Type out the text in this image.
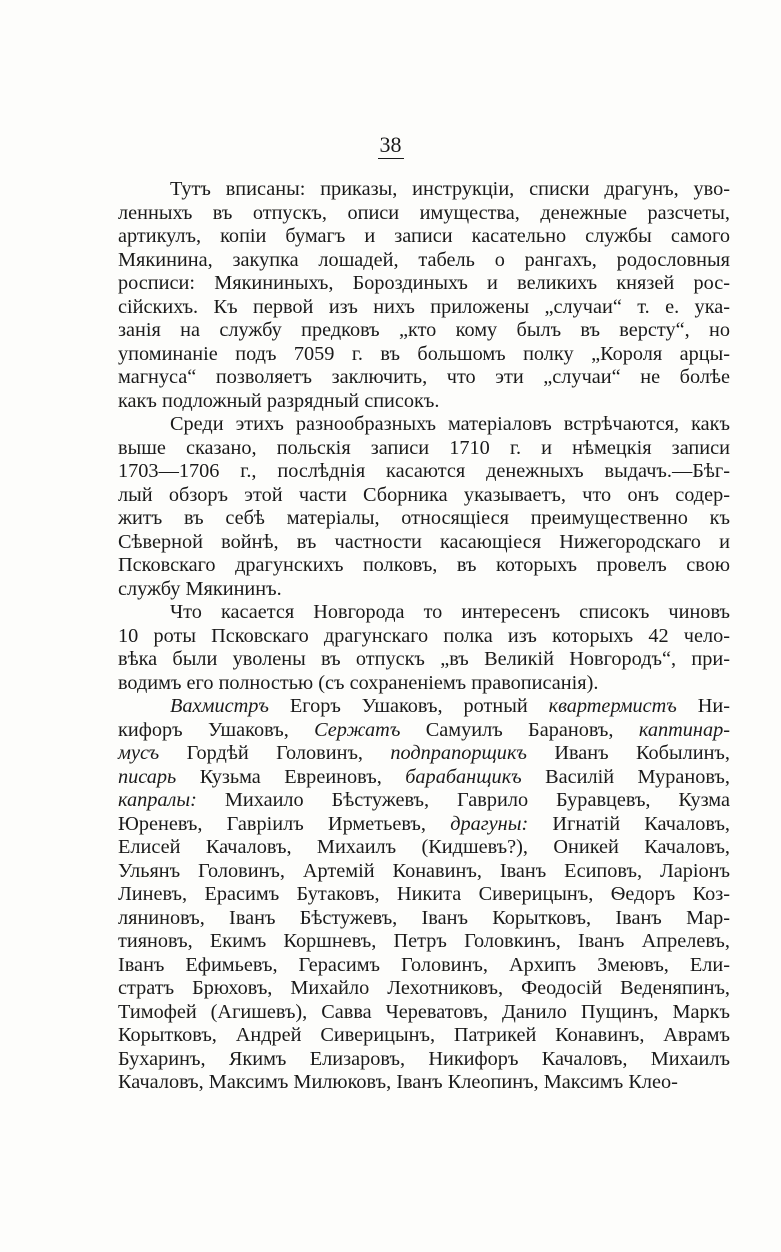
38
Тутъ вписаны: приказы, инструкціи, списки драгунъ, уво-
ленныхъ въ отпускъ, описи имущества, денежные разсчеты,
артикулъ, копіи бумагъ и записи касательно службы самого
Мякинина, закупка лошадей, табель о рангахъ, родословныя
росписи: Мякининыхъ, Бороздиныхъ и великихъ князей рос-
сійскихъ. Къ первой изъ нихъ приложены „случаи“ т. е. ука-
занія на службу предковъ „кто кому былъ въ версту“, но
упоминаніе подъ 7059 г. въ большомъ полку „Короля арцы-
магнуса“ позволяетъ заключить, что эти „случаи“ не болѣе
какъ подложный разрядный списокъ.
Среди этихъ разнообразныхъ матеріаловъ встрѣчаются, какъ
выше сказано, польскія записи 1710 г. и нѣмецкія записи
1703—1706 г., послѣднія касаются денежныхъ выдачъ.—Бѣг-
лый обзоръ этой части Сборника указываетъ, что онъ содер-
житъ въ себѣ матеріалы, относящіеся преимущественно къ
Сѣверной войнѣ, въ частности касающіеся Нижегородскаго и
Псковскаго драгунскихъ полковъ, въ которыхъ провелъ свою
службу Мякининъ.
Что касается Новгорода то интересенъ списокъ чиновъ
10 роты Псковскаго драгунскаго полка изъ которыхъ 42 чело-
вѣка были уволены въ отпускъ „въ Великій Новгородъ“, при-
водимъ его полностью (съ сохраненіемъ правописанія).
Вахмистръ Егоръ Ушаковъ, ротный квартермистъ Ни-
кифоръ Ушаковъ, Сержатъ Самуилъ Барановъ, каптинар-
мусъ Гордѣй Головинъ, подпрапорщикъ Иванъ Кобылинъ,
писарь Кузьма Евреиновъ, барабанщикъ Василій Мурановъ,
капралы: Михаило Бѣстужевъ, Гаврило Буравцевъ, Кузма
Юреневъ, Гавріилъ Ирметьевъ, драгуны: Игнатій Качаловъ,
Елисей Качаловъ, Михаилъ (Кидшевъ?), Оникей Качаловъ,
Ульянъ Головинъ, Артемій Конавинъ, Іванъ Есиповъ, Ларіонъ
Линевъ, Ерасимъ Бутаковъ, Никита Сиверицынъ, Ѳедоръ Коз-
ляниновъ, Іванъ Бѣстужевъ, Іванъ Корытковъ, Іванъ Мар-
тияновъ, Екимъ Коршневъ, Петръ Головкинъ, Іванъ Апрелевъ,
Іванъ Ефимьевъ, Герасимъ Головинъ, Архипъ Змеювъ, Ели-
стратъ Брюховъ, Михайло Лехотниковъ, Феодосій Веденяпинъ,
Тимофей (Агишевъ), Савва Череватовъ, Данило Пущинъ, Маркъ
Корытковъ, Андрей Сиверицынъ, Патрикей Конавинъ, Аврамъ
Бухаринъ, Якимъ Елизаровъ, Никифоръ Качаловъ, Михаилъ
Качаловъ, Максимъ Милюковъ, Іванъ Клеопинъ, Максимъ Клео-
